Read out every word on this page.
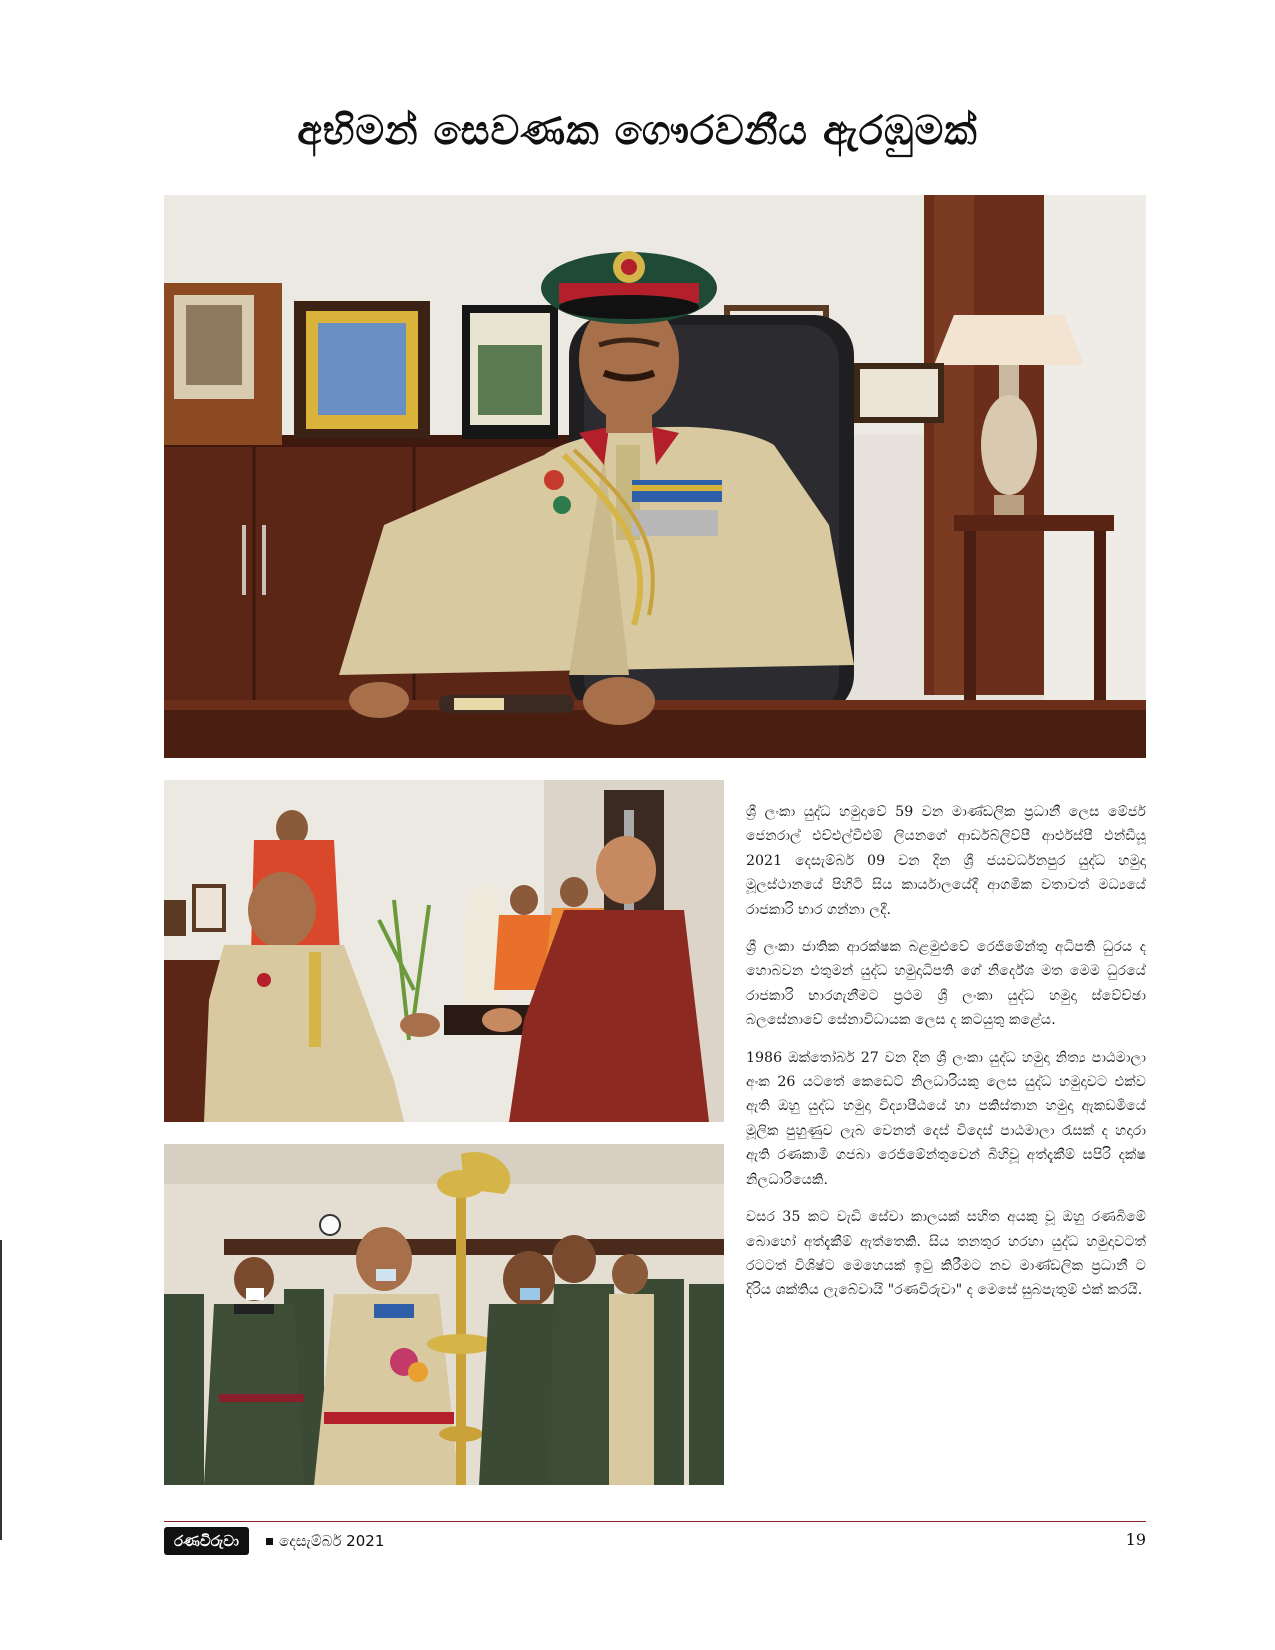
අභිමන් සෙවණක ගෞරවනීය ඇරඹුමක්

ශ්‍රී ලංකා යුද්ධ හමුදාවේ 59 වන මාණ්ඩලික ප්‍රධානී ලෙස මේජර් ජෙනරාල් එච්එල්වීඑම් ලියනගේ ආර්ඩබ්ලිව්පී ආර්එස්පී එන්ඩීයූ 2021 දෙසැම්බර් 09 වන දින ශ්‍රී ජයවර්ධනපුර යුද්ධ හමුදා මූලස්ථානයේ පිහිටි සිය කාර්යාලයේදී ආගමික වතාවත් මධ්‍යයේ රාජකාරි භාර ගන්නා ලදී.

ශ්‍රී ලංකා ජාතික ආරක්ෂක බළමුළුවේ රෙජිමේන්තු අධිපති ධුරය ද හොබවන එතුමන් යුද්ධ හමුදාධිපති ගේ නිර්දේශ මත මෙම ධුරයේ රාජකාරි භාරගැනීමට ප්‍රථම ශ්‍රී ලංකා යුද්ධ හමුදා ස්වේච්ඡා බලසේනාවේ සේනාවිධායක ලෙස ද කටයුතු කළේය.

1986 ඔක්තෝබර් 27 වන දින ශ්‍රී ලංකා යුද්ධ හමුදා නිත්‍ය පාඨමාලා අංක 26 යටතේ කෙඩෙට් නිලධාරියකු ලෙස යුද්ධ හමුදාවට එක්ව ඇති ඔහු යුද්ධ හමුදා විද්‍යාපීඨයේ හා පකිස්තාන හමුදා ඇකඩමියේ මූලික පුහුණුව ලැබ වෙනත් දෙස් විදෙස් පාඨමාලා රැසක් ද හදාරා ඇති රණකාමී ගජබා රෙජිමේන්තුවෙන් බිහිවූ අත්දැකීම් සපිරි දක්ෂ නිලධාරියෙකි.

වසර 35 කට වැඩි සේවා කාලයක් සහිත අයකු වූ ඔහු රණබිමේ බොහෝ අත්දැකීම් ඇත්තෙකි. සිය තනතුර හරහා යුද්ධ හමුදාවටත් රටටත් විශිෂ්ට මෙහෙයක් ඉටු කිරීමට නව මාණ්ඩලික ප්‍රධානී ට දිරිය ශක්තිය ලැබේවායි "රණවිරුවා" ද මෙසේ සුබපැතුම් එක් කරයි.

රණවිරුවා	දෙසැම්බර් 2021	19
